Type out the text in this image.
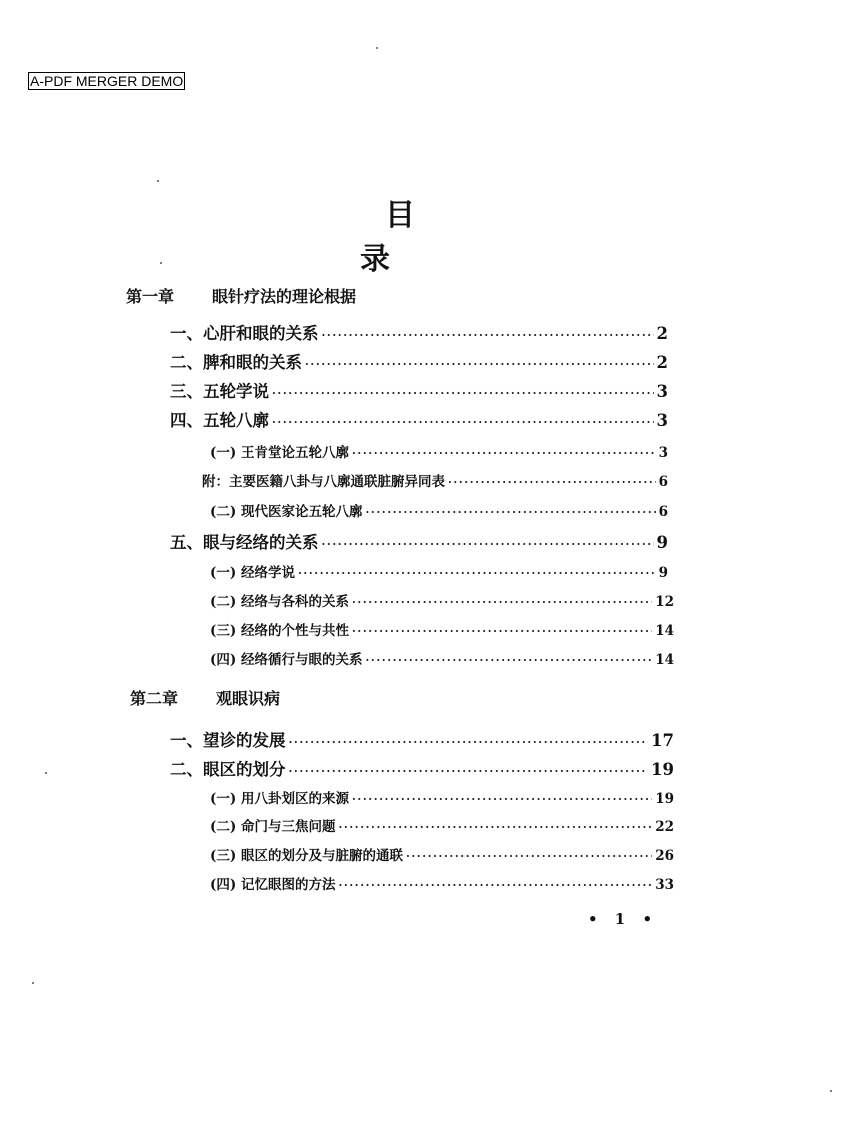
A-PDF MERGER DEMO
目 录
第一章	眼针疗法的理论根据
一、心肝和眼的关系 ·····	2
二、脾和眼的关系 ·····	2
三、五轮学说 ·····	3
四、五轮八廓 ·····	3
(一) 王肯堂论五轮八廓 ·····	3
附：主要医籍八卦与八廓通联脏腑异同表 ·····	6
(二) 现代医家论五轮八廓 ·····	6
五、眼与经络的关系 ·····	9
(一) 经络学说 ·····	9
(二) 经络与各科的关系 ·····	12
(三) 经络的个性与共性 ·····	14
(四) 经络循行与眼的关系 ·····	14
第二章	观眼识病
一、望诊的发展 ·····	17
二、眼区的划分 ·····	19
(一) 用八卦划区的来源 ·····	19
(二) 命门与三焦问题 ·····	22
(三) 眼区的划分及与脏腑的通联 ·····	26
(四) 记忆眼图的方法 ·····	33
• 1 •
